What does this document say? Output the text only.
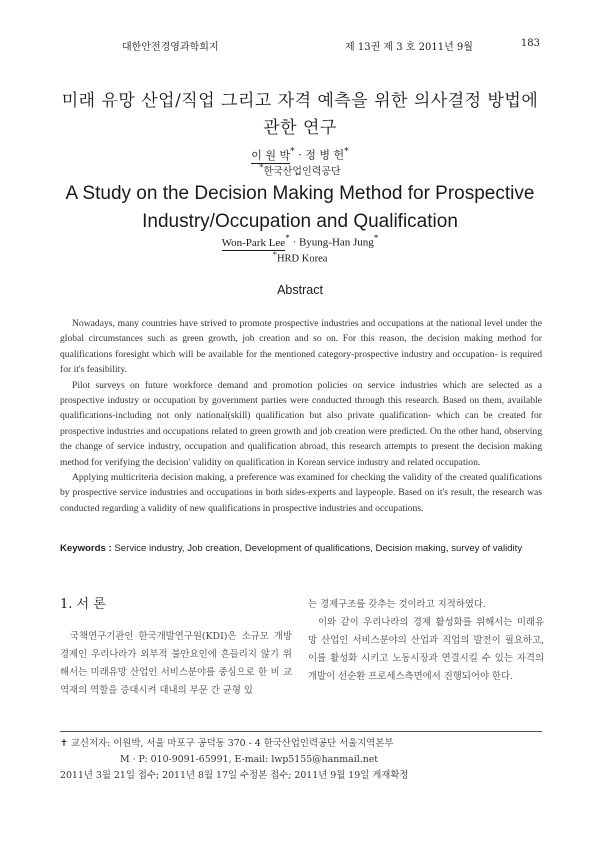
대한안전경영과학회지	제 13권 제 3 호 2011년 9월	183
미래 유망 산업/직업 그리고 자격 예측을 위한 의사결정 방법에
관한 연구
이 원 박* · 정 병 헌*
*한국산업인력공단
A Study on the Decision Making Method for Prospective
Industry/Occupation and Qualification
Won-Park Lee* · Byung-Han Jung*
*HRD Korea
Abstract

Nowadays, many countries have strived to promote prospective industries and occupations at the national level under the global circumstances such as green growth, job creation and so on. For this reason, the decision making method for qualifications foresight which will be available for the mentioned category-prospective industry and occupation- is required for it's feasibility.

Pilot surveys on future workforce demand and promotion policies on service industries which are selected as a prospective industry or occupation by government parties were conducted through this research. Based on them, available qualifications-including not only national(skill) qualification but also private qualification- which can be created for prospective industries and occupations related to green growth and job creation were predicted. On the other hand, observing the change of service industry, occupation and qualification abroad, this research attempts to present the decision making method for verifying the decision' validity on qualification in Korean service industry and related occupation.

Applying multicriteria decision making, a preference was examined for checking the validity of the created qualifications by prospective service industries and occupations in both sides-experts and laypeople. Based on it's result, the research was conducted regarding a validity of new qualifications in prospective industries and occupations.

Keywords : Service industry, Job creation, Development of qualifications, Decision making, survey of validity
1. 서 론

국책연구기관인 한국개발연구원(KDI)은 소규모 개방경제인 우리나라가 외부적 불안요인에 흔들리지 않기 위해서는 미래유망 산업인 서비스분야를 중심으로 한 비 교역재의 역할을 증대시켜 대내의 부문 간 균형 있

는 경제구조를 갖추는 것이라고 지적하였다.

이와 같이 우리나라의 경제 활성화를 위해서는 미래유망 산업인 서비스분야의 산업과 직업의 발전이 필요하고, 이를 활성화 시키고 노동시장과 연결시킬 수 있는 자격의 개발이 선순환 프로세스측면에서 진행되어야 한다.

✝ 교신저자: 이원박, 서울 마포구 공덕동 370 - 4 한국산업인력공단 서울지역본부
M · P: 010-9091-65991, E-mail: lwp5155@hanmail.net
2011년 3월 21일 접수; 2011년 8월 17일 수정본 접수; 2011년 9월 19일 게재확정
